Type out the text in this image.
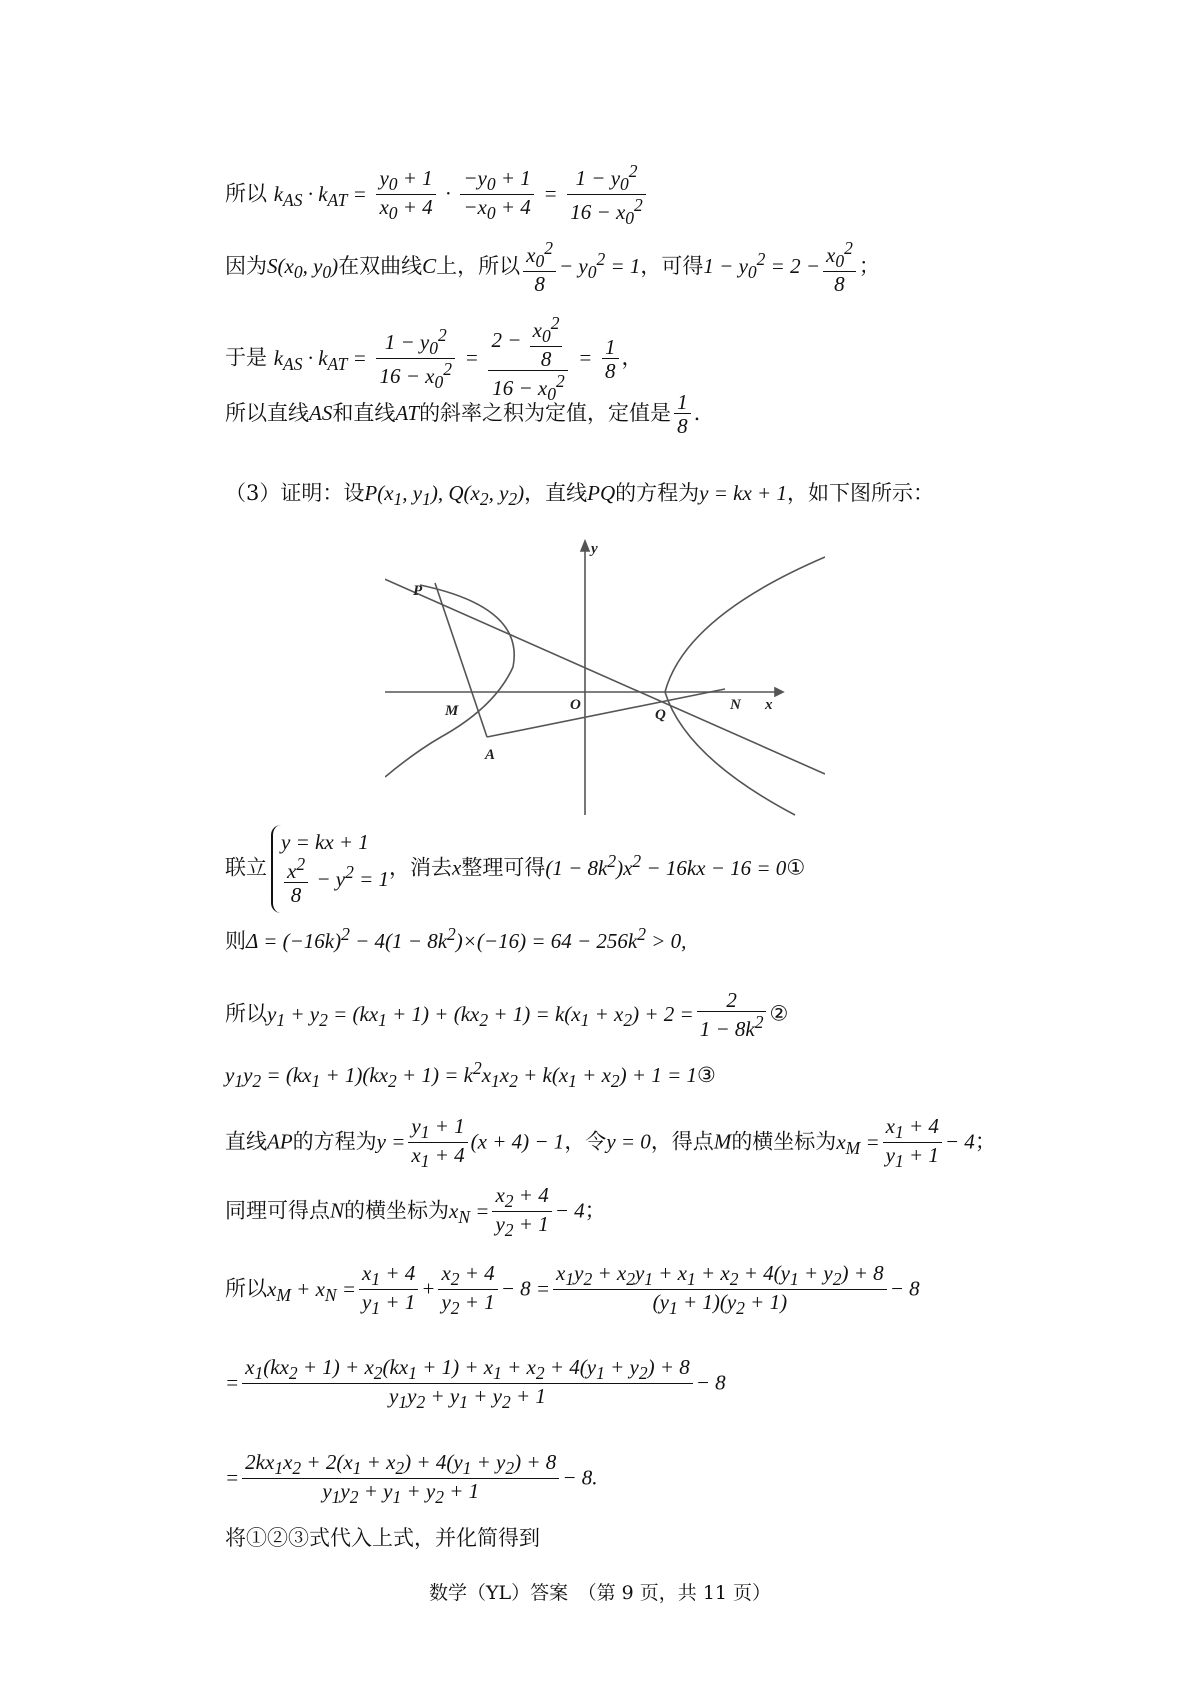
所以 $k_{AS} \cdot k_{AT} = \frac{y_0 + 1}{x_0 + 4} \cdot \frac{-y_0 + 1}{-x_0 + 4} = \frac{1 - y_0^2}{16 - x_0^2}$
因为$S(x_0$, $y_0$)在双曲线C上，所以 $\frac{x_0^2}{8} - y_0^2 = 1$，可得$1 - y_0^2 = 2 - \frac{x_0^2}{8}$ ；
于是 $k_{AS} \cdot k_{AT} = \frac{1 - y_0^2}{16 - x_0^2} = \frac{2 - \frac{x_0^2}{8}}{16 - x_0^2} = \frac{1}{8}$ ，
所以直线AS和直线AT的斜率之积为定值，定值是 $\frac{1}{8}$ .
（3）证明：设$P(x_1$, $y_1$), $Q(x_2$, $y_2$)，直线PQ的方程为y = kx + 1，如下图所示：
y
x
P
M	O
Q
N
A
联立
y = kx + 1
$\frac{x^2}{8} - y^2 = 1$ ，消去x整理可得$(1 - 8k^2)x^2 - 16kx - 16$ = 0①
则$\Delta = (-16k)^2 - 4(1 - 8k^2)\times(-16) = 64 - 256k^2 > 0$,
所以$y_1 + y_2 = (kx_1 + 1) + (kx_2 + 1) = k(x_1 + x_2) + 2 = \frac{2}{1 - 8k^2}$ ②
$y_1y_2 = (kx_1 + 1)(kx_2 + 1) = k^2x_1x_2 + k(x_1 + x_2) + 1$ = 1③
直线AP的方程为$y = \frac{y_1 + 1}{x_1 + 4} (x + 4) - 1$，令y = 0，得点M的横坐标为$x_M = \frac{x_1 + 4}{y_1 + 1} - 4$；
同理可得点N的横坐标为$x_N = \frac{x_2 + 4}{y_2 + 1} - 4$；
所以$x_M + x_N = \frac{x_1 + 4}{y_1 + 1} + \frac{x_2 + 4}{y_2 + 1} - 8 = \frac{x_1y_2 + x_2y_1 + x_1 + x_2 + 4(y_1 + y_2) + 8}{(y_1 + 1)(y_2 + 1)} - 8$
= $\frac{x_1(kx_2 + 1) + x_2(kx_1 + 1) + x_1 + x_2 + 4(y_1 + y_2) + 8}{y_1y_2 + y_1 + y_2 + 1} - 8$
= $\frac{2kx_1x_2 + 2(x_1 + x_2) + 4(y_1 + y_2) + 8}{y_1y_2 + y_1 + y_2 + 1} - 8$.
将①②③式代入上式，并化简得到
数学（YL）答案　（第 9 页，共 11 页）
